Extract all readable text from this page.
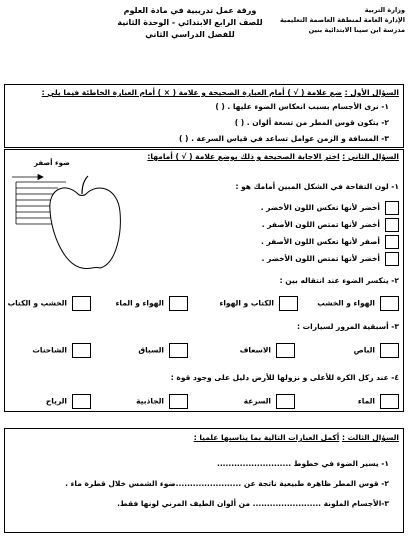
وزارة التربية
الإدارة العامة لمنطقة العاصمة التعليمية
مدرسة ابن سينا الابتدائية بنين
ورقة عمل تدريبية في مادة العلوم
للصف الرابع الابتدائي - الوحدة الثانية
للفصل الدراسي الثاني
السؤال الأول : ضع علامة ( √ ) أمام العبارة الصحيحة و علامة ( × ) أمام العبارة الخاطئة فيما يلي :
١- نرى الأجسام بسبب انعكاس الضوء عليها . ( )
٢- يتكون قوس المطر من تسعة ألوان . ( )
٣- المسافة و الزمن عوامل تساعد في قياس السرعة . ( )
السؤال الثاني : اختر الاجابة الصحيحة و ذلك بوضع علامة ( √ ) أمامها:
١- لون التفاحة في الشكل المبين أمامك هو :
أخضر لأنها تعكس اللون الأخضر .
أخضر لأنها تمتص اللون الأصفر .
أصفر لأنها تعكس اللون الأصفر .
أخضر لأنها تمتص اللون الأخضر .
ضوء أصفر
٢- ينكسر الضوء عند انتقاله بين :
الهواء و الخشب
الكتاب و الهواء
الهواء و الماء
الخشب و الكتاب
٣- أسبقية المرور لسيارات :
الباص
الاسعاف
السباق
الشاحنات
٤- عند ركل الكرة للأعلى و نزولها للأرض دليل على وجود قوة :
الماء
السرعة
الجاذبية
الرياح
السؤال الثالث : أكمل العبارات التالية بما يناسبها علميا :
١- يسير الضوء في خطوط ..........................
٢- قوس المطر ظاهرة طبيعية ناتجة عن .......................ضوء الشمس خلال قطرة ماء .
٣-الأجسام الملونة ........................ من ألوان الطيف المرني لونها فقط.
